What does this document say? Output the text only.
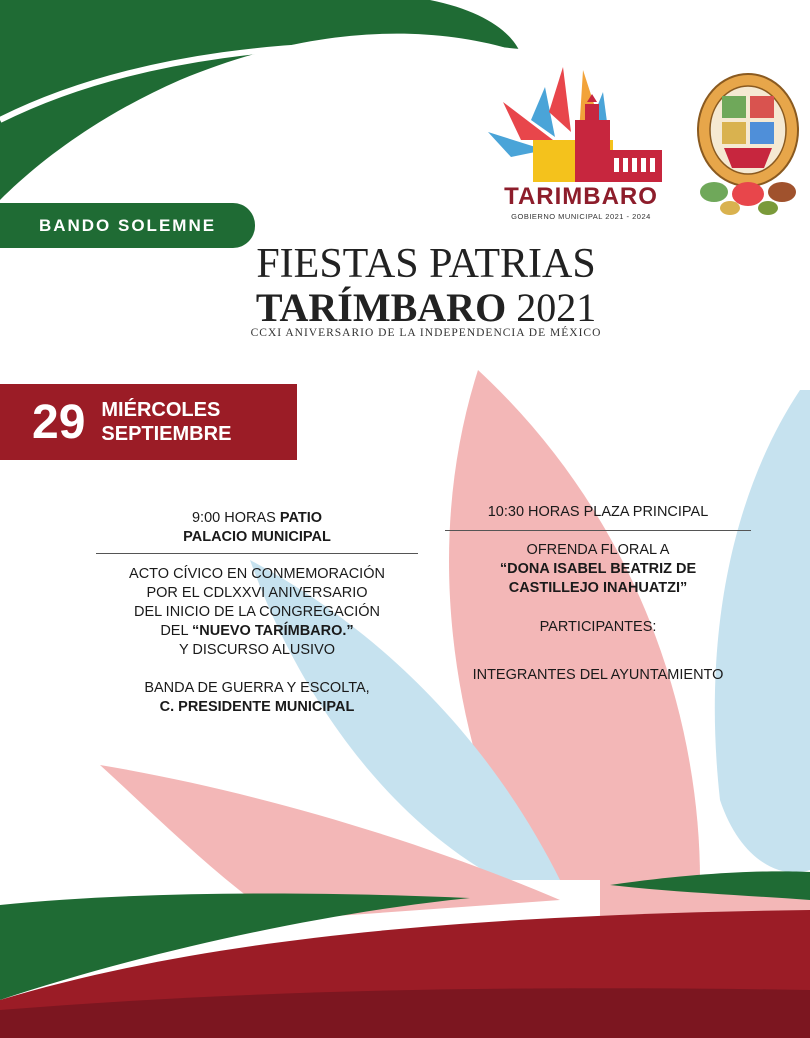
BANDO SOLEMNE
TARIMBARO
GOBIERNO MUNICIPAL 2021 - 2024
FIESTAS PATRIAS
TARÍMBARO 2021
CCXI ANIVERSARIO DE LA INDEPENDENCIA DE MÉXICO
29 MIÉRCOLES
SEPTIEMBRE
9:00 HORAS PATIO
PALACIO MUNICIPAL
ACTO CÍVICO EN CONMEMORACIÓN
POR EL CDLXXVI ANIVERSARIO
DEL INICIO DE LA CONGREGACIÓN
DEL “NUEVO TARÍMBARO.”
Y DISCURSO ALUSIVO
BANDA DE GUERRA Y ESCOLTA,
C. PRESIDENTE MUNICIPAL
10:30 HORAS PLAZA PRINCIPAL
OFRENDA FLORAL A
“DONA ISABEL BEATRIZ DE
CASTILLEJO INAHUATZI”
PARTICIPANTES:
INTEGRANTES DEL AYUNTAMIENTO
